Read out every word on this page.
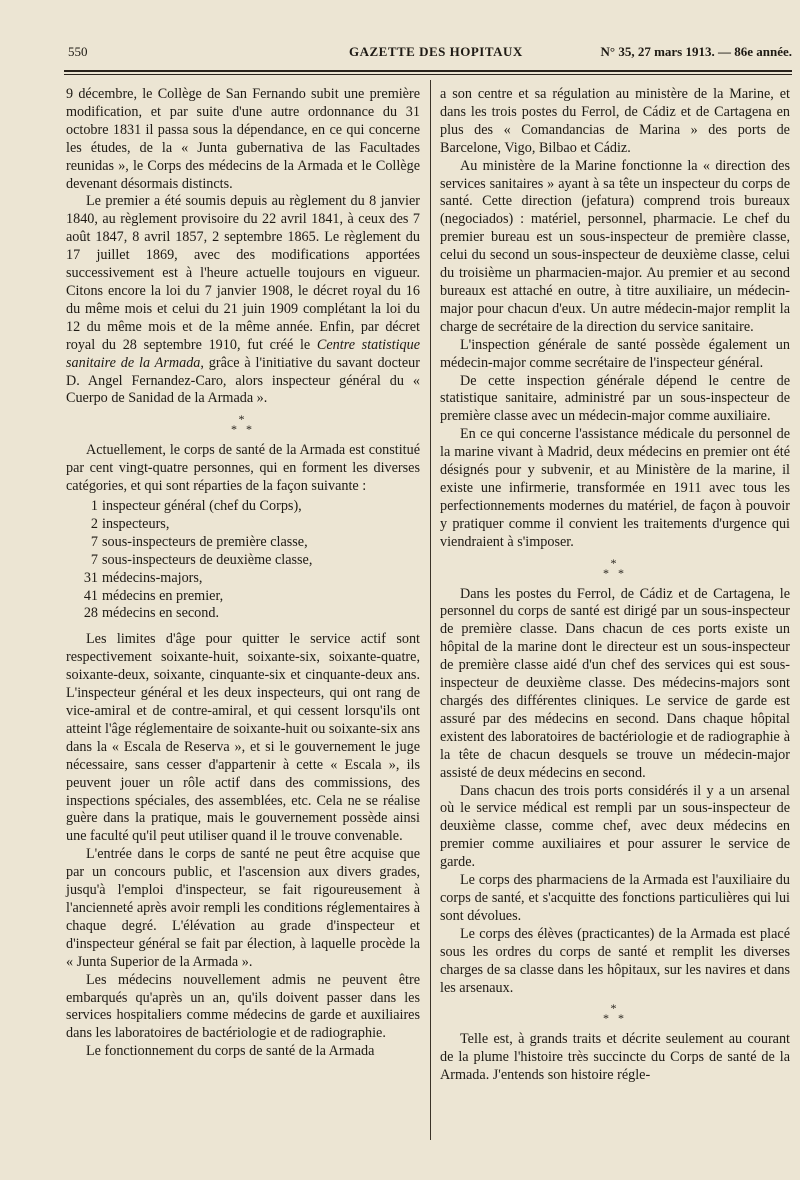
550	GAZETTE DES HOPITAUX	N° 35, 27 mars 1913. — 86e année.

9 décembre, le Collège de San Fernando subit une première modification, et par suite d'une autre ordonnance du 31 octobre 1831 il passa sous la dépendance, en ce qui concerne les études, de la « Junta gubernativa de las Facultades reunidas », le Corps des médecins de la Armada et le Collège devenant désormais distincts.

Le premier a été soumis depuis au règlement du 8 janvier 1840, au règlement provisoire du 22 avril 1841, à ceux des 7 août 1847, 8 avril 1857, 2 septembre 1865. Le règlement du 17 juillet 1869, avec des modifications apportées successivement est à l'heure actuelle toujours en vigueur. Citons encore la loi du 7 janvier 1908, le décret royal du 16 du même mois et celui du 21 juin 1909 complétant la loi du 12 du même mois et de la même année. Enfin, par décret royal du 28 septembre 1910, fut créé le Centre statistique sanitaire de la Armada, grâce à l'initiative du savant docteur D. Angel Fernandez-Caro, alors inspecteur général du « Cuerpo de Sanidad de la Armada ».

*
* *

Actuellement, le corps de santé de la Armada est constitué par cent vingt-quatre personnes, qui en forment les diverses catégories, et qui sont réparties de la façon suivante :

1 inspecteur général (chef du Corps),
2 inspecteurs,
7 sous-inspecteurs de première classe,
7 sous-inspecteurs de deuxième classe,
31 médecins-majors,
41 médecins en premier,
28 médecins en second.

Les limites d'âge pour quitter le service actif sont respectivement soixante-huit, soixante-six, soixante-quatre, soixante-deux, soixante, cinquante-six et cinquante-deux ans. L'inspecteur général et les deux inspecteurs, qui ont rang de vice-amiral et de contre-amiral, et qui cessent lorsqu'ils ont atteint l'âge réglementaire de soixante-huit ou soixante-six ans dans la « Escala de Reserva », et si le gouvernement le juge nécessaire, sans cesser d'appartenir à cette « Escala », ils peuvent jouer un rôle actif dans des commissions, des inspections spéciales, des assemblées, etc. Cela ne se réalise guère dans la pratique, mais le gouvernement possède ainsi une faculté qu'il peut utiliser quand il le trouve convenable.

L'entrée dans le corps de santé ne peut être acquise que par un concours public, et l'ascension aux divers grades, jusqu'à l'emploi d'inspecteur, se fait rigoureusement à l'ancienneté après avoir rempli les conditions réglementaires à chaque degré. L'élévation au grade d'inspecteur et d'inspecteur général se fait par élection, à laquelle procède la « Junta Superior de la Armada ».

Les médecins nouvellement admis ne peuvent être embarqués qu'après un an, qu'ils doivent passer dans les services hospitaliers comme médecins de garde et auxiliaires dans les laboratoires de bactériologie et de radiographie.

Le fonctionnement du corps de santé de la Armada

a son centre et sa régulation au ministère de la Marine, et dans les trois postes du Ferrol, de Cádiz et de Cartagena en plus des « Comandancias de Marina » des ports de Barcelone, Vigo, Bilbao et Cádiz.

Au ministère de la Marine fonctionne la « direction des services sanitaires » ayant à sa tête un inspecteur du corps de santé. Cette direction (jefatura) comprend trois bureaux (negociados) : matériel, personnel, pharmacie. Le chef du premier bureau est un sous-inspecteur de première classe, celui du second un sous-inspecteur de deuxième classe, celui du troisième un pharmacien-major. Au premier et au second bureaux est attaché en outre, à titre auxiliaire, un médecin-major pour chacun d'eux. Un autre médecin-major remplit la charge de secrétaire de la direction du service sanitaire.

L'inspection générale de santé possède également un médecin-major comme secrétaire de l'inspecteur général.

De cette inspection générale dépend le centre de statistique sanitaire, administré par un sous-inspecteur de première classe avec un médecin-major comme auxiliaire.

En ce qui concerne l'assistance médicale du personnel de la marine vivant à Madrid, deux médecins en premier ont été désignés pour y subvenir, et au Ministère de la marine, il existe une infirmerie, transformée en 1911 avec tous les perfectionnements modernes du matériel, de façon à pouvoir y pratiquer comme il convient les traitements d'urgence qui viendraient à s'imposer.

*
* *

Dans les postes du Ferrol, de Cádiz et de Cartagena, le personnel du corps de santé est dirigé par un sous-inspecteur de première classe. Dans chacun de ces ports existe un hôpital de la marine dont le directeur est un sous-inspecteur de première classe aidé d'un chef des services qui est sous-inspecteur de deuxième classe. Des médecins-majors sont chargés des différentes cliniques. Le service de garde est assuré par des médecins en second. Dans chaque hôpital existent des laboratoires de bactériologie et de radiographie à la tête de chacun desquels se trouve un médecin-major assisté de deux médecins en second.

Dans chacun des trois ports considérés il y a un arsenal où le service médical est rempli par un sous-inspecteur de deuxième classe, comme chef, avec deux médecins en premier comme auxiliaires et pour assurer le service de garde.

Le corps des pharmaciens de la Armada est l'auxiliaire du corps de santé, et s'acquitte des fonctions particulières qui lui sont dévolues.

Le corps des élèves (practicantes) de la Armada est placé sous les ordres du corps de santé et remplit les diverses charges de sa classe dans les hôpitaux, sur les navires et dans les arsenaux.

*
* *

Telle est, à grands traits et décrite seulement au courant de la plume l'histoire très succincte du Corps de santé de la Armada. J'entends son histoire régle-
